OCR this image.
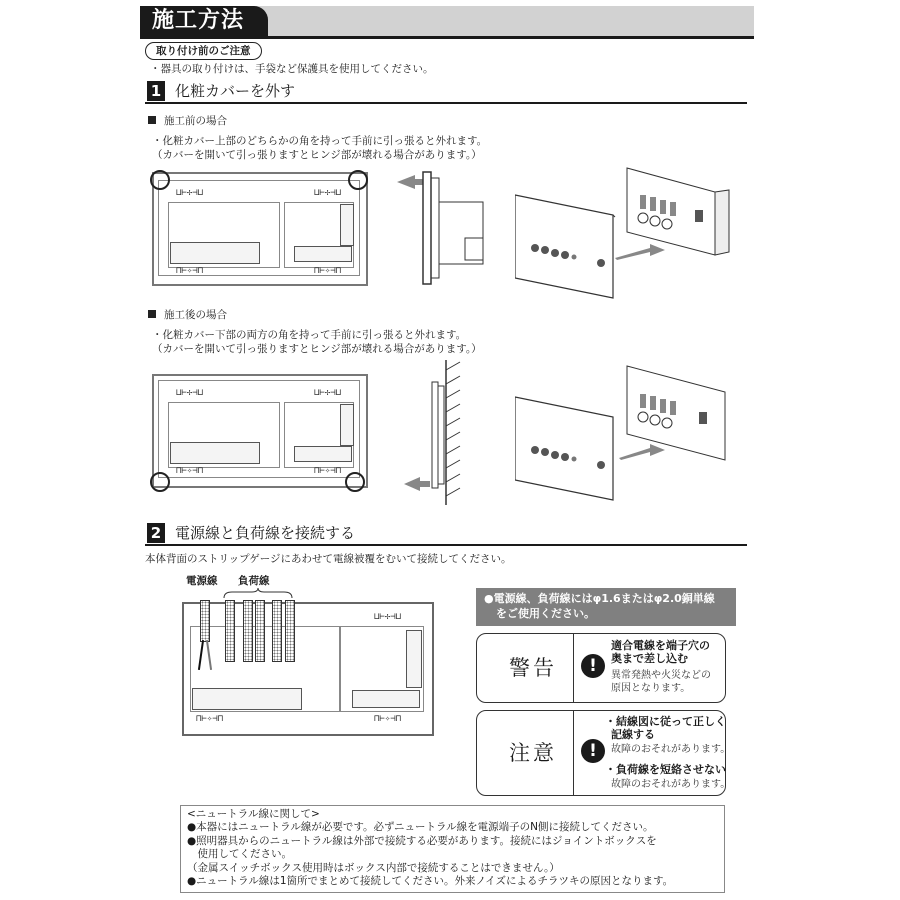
施工方法
取り付け前のご注意
・器具の取り付けは、手袋など保護具を使用してください。
1 化粧カバーを外す
施工前の場合
・化粧カバー上部のどちらかの角を持って手前に引っ張ると外れます。
（カバーを開いて引っ張りますとヒンジ部が壊れる場合があります。）
⊔⊢✢⊣⊔	⊔⊢✢⊣⊔
⊓⊢✧⊣⊓	⊓⊢✧⊣⊓
施工後の場合
・化粧カバー下部の両方の角を持って手前に引っ張ると外れます。
（カバーを開いて引っ張りますとヒンジ部が壊れる場合があります。）
⊔⊢✢⊣⊔	⊔⊢✢⊣⊔
⊓⊢✧⊣⊓	⊓⊢✧⊣⊓
2 電源線と負荷線を接続する
本体背面のストリップゲージにあわせて電線被覆をむいて接続してください。
電源線 負荷線
⊔⊢✢⊣⊔
⊓⊢✧⊣⊓	⊓⊢✧⊣⊓
●電源線、負荷線にはφ1.6またはφ2.0銅単線
をご使用ください。
警告	!
適合電線を端子穴の
奥まで差し込む
異常発熱や火災などの
原因となります。
注意	!
・結線図に従って正しく
記線する
故障のおそれがあります。
・負荷線を短絡させない
故障のおそれがあります。
<ニュートラル線に関して>
●本器にはニュートラル線が必要です。必ずニュートラル線を電源端子のN側に接続してください。
●照明器具からのニュートラル線は外部で接続する必要があります。接続にはジョイントボックスを
　使用してください。
（金属スイッチボックス使用時はボックス内部で接続することはできません。）
●ニュートラル線は1箇所でまとめて接続してください。外来ノイズによるチラツキの原因となります。
